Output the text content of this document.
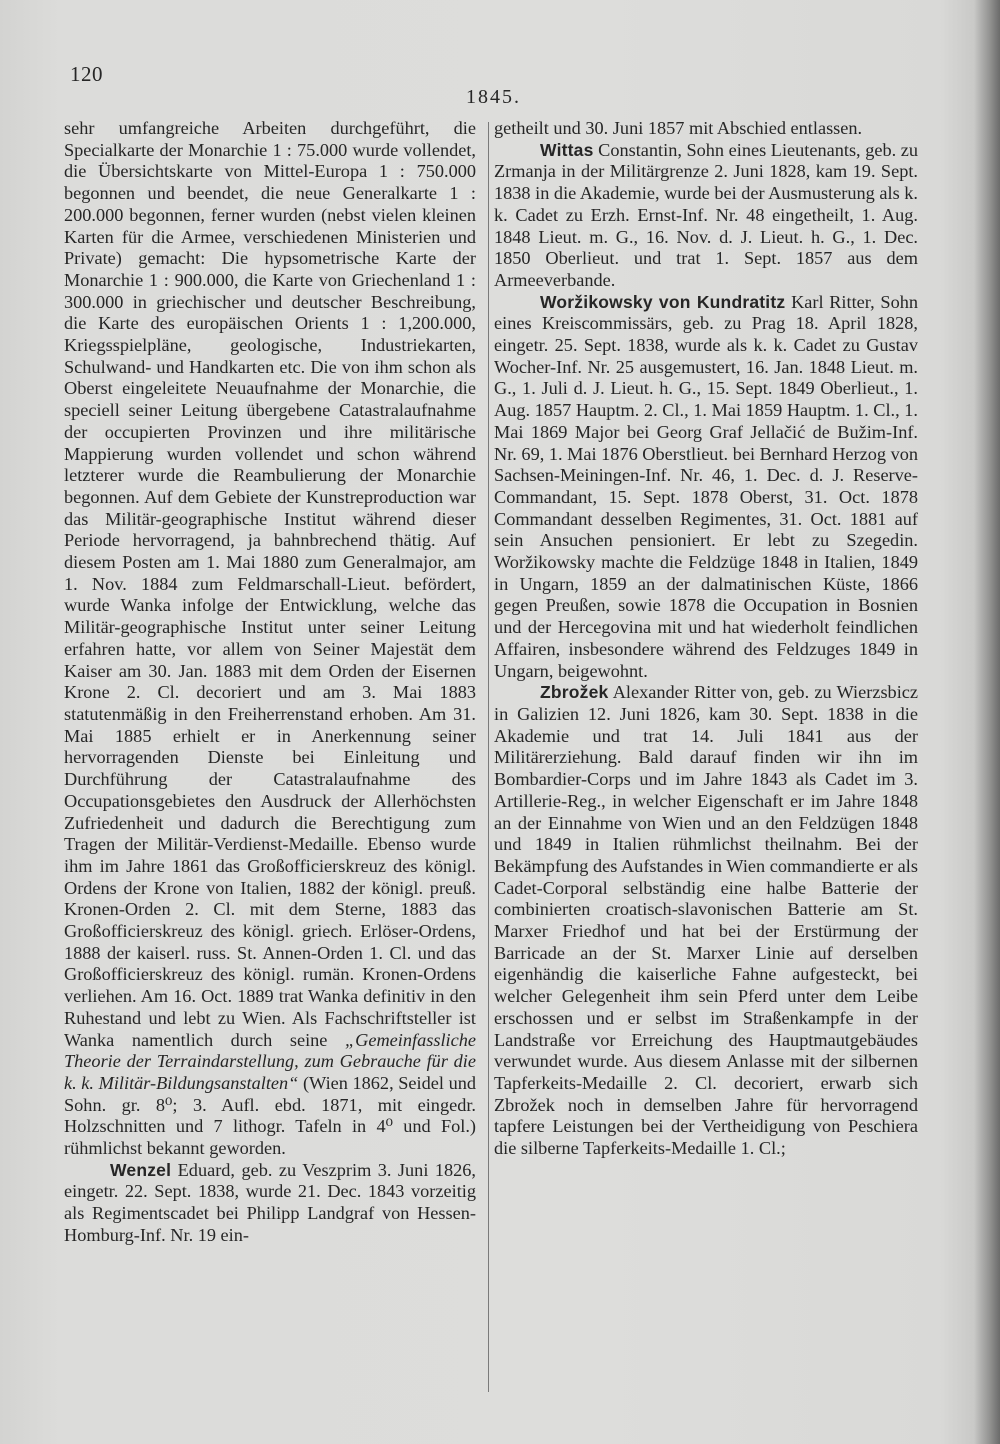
120
1845.

sehr umfangreiche Arbeiten durchgeführt, die Specialkarte der Monarchie 1 : 75.000 wurde vollendet, die Übersichtskarte von Mittel-Europa 1 : 750.000 begonnen und beendet, die neue Generalkarte 1 : 200.000 begonnen, ferner wurden (nebst vielen kleinen Karten für die Armee, verschiedenen Ministerien und Private) gemacht: Die hypsometrische Karte der Monarchie 1 : 900.000, die Karte von Griechenland 1 : 300.000 in griechischer und deutscher Beschreibung, die Karte des europäischen Orients 1 : 1,200.000, Kriegsspielpläne, geologische, Industriekarten, Schulwand- und Handkarten etc. Die von ihm schon als Oberst eingeleitete Neuaufnahme der Monarchie, die speciell seiner Leitung übergebene Catastralaufnahme der occupierten Provinzen und ihre militärische Mappierung wurden vollendet und schon während letzterer wurde die Reambulierung der Monarchie begonnen. Auf dem Gebiete der Kunstreproduction war das Militär-geographische Institut während dieser Periode hervorragend, ja bahnbrechend thätig. Auf diesem Posten am 1. Mai 1880 zum Generalmajor, am 1. Nov. 1884 zum Feldmarschall-Lieut. befördert, wurde Wanka infolge der Entwicklung, welche das Militär-geographische Institut unter seiner Leitung erfahren hatte, vor allem von Seiner Majestät dem Kaiser am 30. Jan. 1883 mit dem Orden der Eisernen Krone 2. Cl. decoriert und am 3. Mai 1883 statutenmäßig in den Freiherrenstand erhoben. Am 31. Mai 1885 erhielt er in Anerkennung seiner hervorragenden Dienste bei Einleitung und Durchführung der Catastralaufnahme des Occupationsgebietes den Ausdruck der Allerhöchsten Zufriedenheit und dadurch die Berechtigung zum Tragen der Militär-Verdienst-Medaille. Ebenso wurde ihm im Jahre 1861 das Großofficierskreuz des königl. Ordens der Krone von Italien, 1882 der königl. preuß. Kronen-Orden 2. Cl. mit dem Sterne, 1883 das Großofficierskreuz des königl. griech. Erlöser-Ordens, 1888 der kaiserl. russ. St. Annen-Orden 1. Cl. und das Großofficierskreuz des königl. rumän. Kronen-Ordens verliehen. Am 16. Oct. 1889 trat Wanka definitiv in den Ruhestand und lebt zu Wien. Als Fachschriftsteller ist Wanka namentlich durch seine „Gemeinfassliche Theorie der Terraindarstellung, zum Gebrauche für die k. k. Militär-Bildungsanstalten“ (Wien 1862, Seidel und Sohn. gr. 8⁰; 3. Aufl. ebd. 1871, mit eingedr. Holzschnitten und 7 lithogr. Tafeln in 4⁰ und Fol.) rühmlichst bekannt geworden.

Wenzel Eduard, geb. zu Veszprim 3. Juni 1826, eingetr. 22. Sept. 1838, wurde 21. Dec. 1843 vorzeitig als Regimentscadet bei Philipp Landgraf von Hessen-Homburg-Inf. Nr. 19 ein-

getheilt und 30. Juni 1857 mit Abschied entlassen.

Wittas Constantin, Sohn eines Lieutenants, geb. zu Zrmanja in der Militärgrenze 2. Juni 1828, kam 19. Sept. 1838 in die Akademie, wurde bei der Ausmusterung als k. k. Cadet zu Erzh. Ernst-Inf. Nr. 48 eingetheilt, 1. Aug. 1848 Lieut. m. G., 16. Nov. d. J. Lieut. h. G., 1. Dec. 1850 Oberlieut. und trat 1. Sept. 1857 aus dem Armeeverbande.

Woržikowsky von Kundratitz Karl Ritter, Sohn eines Kreiscommissärs, geb. zu Prag 18. April 1828, eingetr. 25. Sept. 1838, wurde als k. k. Cadet zu Gustav Wocher-Inf. Nr. 25 ausgemustert, 16. Jan. 1848 Lieut. m. G., 1. Juli d. J. Lieut. h. G., 15. Sept. 1849 Oberlieut., 1. Aug. 1857 Hauptm. 2. Cl., 1. Mai 1859 Hauptm. 1. Cl., 1. Mai 1869 Major bei Georg Graf Jellačić de Bužim-Inf. Nr. 69, 1. Mai 1876 Oberstlieut. bei Bernhard Herzog von Sachsen-Meiningen-Inf. Nr. 46, 1. Dec. d. J. Reserve-Commandant, 15. Sept. 1878 Oberst, 31. Oct. 1878 Commandant desselben Regimentes, 31. Oct. 1881 auf sein Ansuchen pensioniert. Er lebt zu Szegedin. Woržikowsky machte die Feldzüge 1848 in Italien, 1849 in Ungarn, 1859 an der dalmatinischen Küste, 1866 gegen Preußen, sowie 1878 die Occupation in Bosnien und der Hercegovina mit und hat wiederholt feindlichen Affairen, insbesondere während des Feldzuges 1849 in Ungarn, beigewohnt.

Zbrožek Alexander Ritter von, geb. zu Wierzsbicz in Galizien 12. Juni 1826, kam 30. Sept. 1838 in die Akademie und trat 14. Juli 1841 aus der Militärerziehung. Bald darauf finden wir ihn im Bombardier-Corps und im Jahre 1843 als Cadet im 3. Artillerie-Reg., in welcher Eigenschaft er im Jahre 1848 an der Einnahme von Wien und an den Feldzügen 1848 und 1849 in Italien rühmlichst theilnahm. Bei der Bekämpfung des Aufstandes in Wien commandierte er als Cadet-Corporal selbständig eine halbe Batterie der combinierten croatisch-slavonischen Batterie am St. Marxer Friedhof und hat bei der Erstürmung der Barricade an der St. Marxer Linie auf derselben eigenhändig die kaiserliche Fahne aufgesteckt, bei welcher Gelegenheit ihm sein Pferd unter dem Leibe erschossen und er selbst im Straßenkampfe in der Landstraße vor Erreichung des Hauptmautgebäudes verwundet wurde. Aus diesem Anlasse mit der silbernen Tapferkeits-Medaille 2. Cl. decoriert, erwarb sich Zbrožek noch in demselben Jahre für hervorragend tapfere Leistungen bei der Vertheidigung von Peschiera die silberne Tapferkeits-Medaille 1. Cl.;
